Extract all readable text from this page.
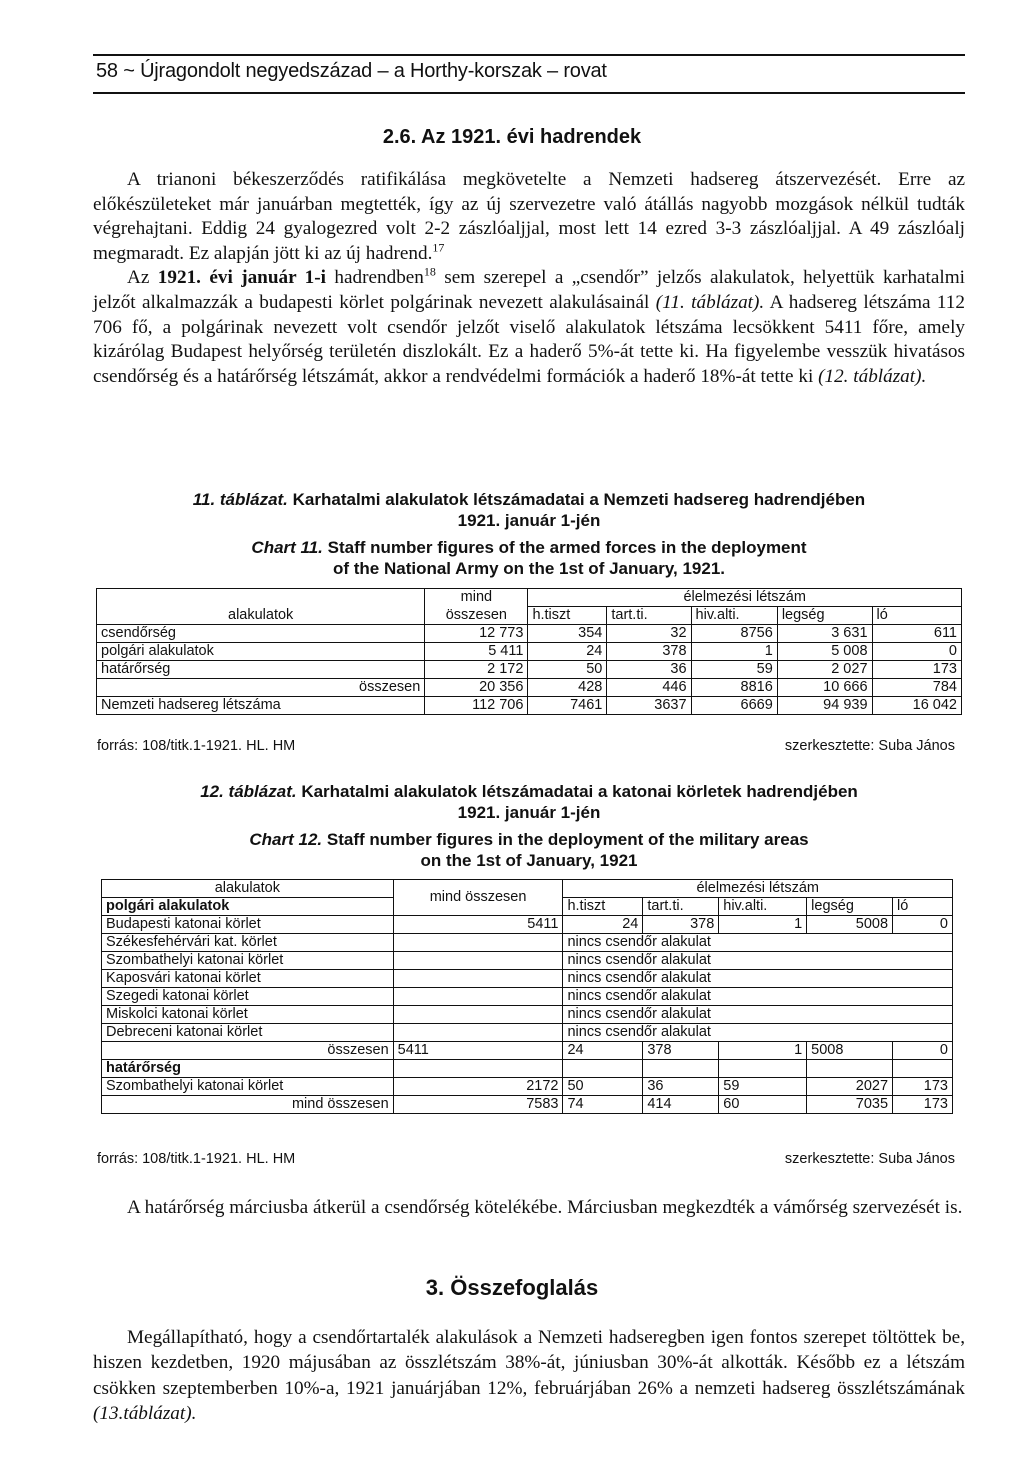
58 ~ Újragondolt negyedszázad – a Horthy-korszak – rovat
2.6. Az 1921. évi hadrendek

A trianoni békeszerződés ratifikálása megkövetelte a Nemzeti hadsereg átszervezését. Erre az előkészületeket már januárban megtették, így az új szervezetre való átállás nagyobb mozgások nélkül tudták végrehajtani. Eddig 24 gyalogezred volt 2-2 zászlóaljjal, most lett 14 ezred 3-3 zászlóaljjal. A 49 zászlóalj megmaradt. Ez alapján jött ki az új hadrend.$^{17}$

Az 1921. évi január 1-i hadrendben$^{18}$ sem szerepel a „csendőr” jelzős alakulatok, helyettük karhatalmi jelzőt alkalmazzák a budapesti körlet polgárinak nevezett alakulásainál (11. táblázat). A hadsereg létszáma 112 706 fő, a polgárinak nevezett volt csendőr jelzőt viselő alakulatok létszáma lecsökkent 5411 főre, amely kizárólag Budapest helyőrség területén diszlokált. Ez a haderő 5%-át tette ki. Ha figyelembe vesszük hivatásos csendőrség és a határőrség létszámát, akkor a rendvédelmi formációk a haderő 18%-át tette ki (12. táblázat).

11. táblázat. Karhatalmi alakulatok létszámadatai a Nemzeti hadsereg hadrendjében
1921. január 1-jén
Chart 11. Staff number figures of the armed forces in the deployment
of the National Army on the 1st of January, 1921.
	mind	élelmezési létszám				
alakulatok	összesen	h.tiszt	tart.ti.	hiv.alti.	legség	ló
csendőrség	12 773	354	32	8756	3 631	611
polgári alakulatok	5 411	24	378	1	5 008	0
határőrség	2 172	50	36	59	2 027	173
összesen	20 356	428	446	8816	10 666	784
Nemzeti hadsereg létszáma	112 706	7461	3637	6669	94 939	16 042
forrás: 108/titk.1-1921. HL. HM	szerkesztette: Suba János
12. táblázat. Karhatalmi alakulatok létszámadatai a katonai körletek hadrendjében
1921. január 1-jén
Chart 12. Staff number figures in the deployment of the military areas
on the 1st of January, 1921
alakulatok	mind összesen	élelmezési létszám				
polgári alakulatok		h.tiszt	tart.ti.	hiv.alti.	legség	ló
Budapesti katonai körlet	5411	24	378	1	5008	0
Székesfehérvári kat. körlet		nincs csendőr alakulat				
Szombathelyi katonai körlet		nincs csendőr alakulat				
Kaposvári katonai körlet		nincs csendőr alakulat				
Szegedi katonai körlet		nincs csendőr alakulat				
Miskolci katonai körlet		nincs csendőr alakulat				
Debreceni katonai körlet		nincs csendőr alakulat				
összesen	5411	24	378	1	5008	0
határőrség						
Szombathelyi katonai körlet	2172	50	36	59	2027	173
mind összesen	7583	74	414	60	7035	173
forrás: 108/titk.1-1921. HL. HM	szerkesztette: Suba János

A határőrség márciusba átkerül a csendőrség kötelékébe. Márciusban megkezdték a vámőrség szervezését is.

3. Összefoglalás

Megállapítható, hogy a csendőrtartalék alakulások a Nemzeti hadseregben igen fontos szerepet töltöttek be, hiszen kezdetben, 1920 májusában az összlétszám 38%-át, júniusban 30%-át alkották. Később ez a létszám csökken szeptemberben 10%-a, 1921 januárjában 12%, februárjában 26% a nemzeti hadsereg összlétszámának (13.táblázat).
